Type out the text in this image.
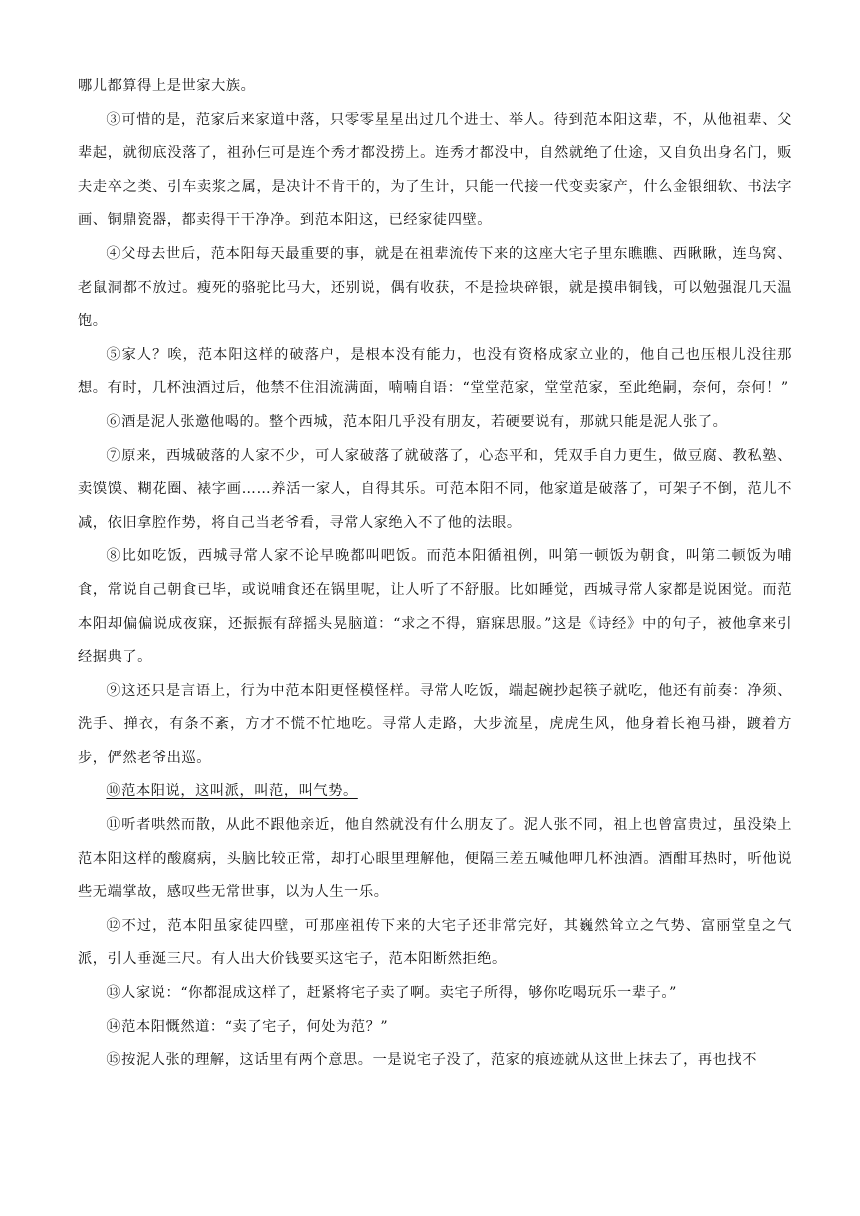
哪儿都算得上是世家大族。

③可惜的是，范家后来家道中落，只零零星星出过几个进士、举人。待到范本阳这辈，不，从他祖辈、父辈起，就彻底没落了，祖孙仨可是连个秀才都没捞上。连秀才都没中，自然就绝了仕途，又自负出身名门，贩夫走卒之类、引车卖浆之属，是决计不肯干的，为了生计，只能一代接一代变卖家产，什么金银细软、书法字画、铜鼎瓷器，都卖得干干净净。到范本阳这，已经家徒四壁。

④父母去世后，范本阳每天最重要的事，就是在祖辈流传下来的这座大宅子里东瞧瞧、西瞅瞅，连鸟窝、老鼠洞都不放过。瘦死的骆驼比马大，还别说，偶有收获，不是捡块碎银，就是摸串铜钱，可以勉强混几天温饱。

⑤家人？唉，范本阳这样的破落户，是根本没有能力，也没有资格成家立业的，他自己也压根儿没往那想。有时，几杯浊酒过后，他禁不住泪流满面，喃喃自语：“堂堂范家，堂堂范家，至此绝嗣，奈何，奈何！”

⑥酒是泥人张邀他喝的。整个西城，范本阳几乎没有朋友，若硬要说有，那就只能是泥人张了。

⑦原来，西城破落的人家不少，可人家破落了就破落了，心态平和，凭双手自力更生，做豆腐、教私塾、卖馍馍、糊花圈、裱字画……养活一家人，自得其乐。可范本阳不同，他家道是破落了，可架子不倒，范儿不减，依旧拿腔作势，将自己当老爷看，寻常人家绝入不了他的法眼。

⑧比如吃饭，西城寻常人家不论早晚都叫吧饭。而范本阳循祖例，叫第一顿饭为朝食，叫第二顿饭为哺食，常说自己朝食已毕，或说哺食还在锅里呢，让人听了不舒服。比如睡觉，西城寻常人家都是说困觉。而范本阳却偏偏说成夜寐，还振振有辞摇头晃脑道：“求之不得，寤寐思服。”这是《诗经》中的句子，被他拿来引经据典了。

⑨这还只是言语上，行为中范本阳更怪模怪样。寻常人吃饭，端起碗抄起筷子就吃，他还有前奏：净须、洗手、掸衣，有条不紊，方才不慌不忙地吃。寻常人走路，大步流星，虎虎生风，他身着长袍马褂，踱着方步，俨然老爷出巡。

⑩范本阳说，这叫派，叫范，叫气势。

⑪听者哄然而散，从此不跟他亲近，他自然就没有什么朋友了。泥人张不同，祖上也曾富贵过，虽没染上范本阳这样的酸腐病，头脑比较正常，却打心眼里理解他，便隔三差五喊他呷几杯浊酒。酒酣耳热时，听他说些无端掌故，感叹些无常世事，以为人生一乐。

⑫不过，范本阳虽家徒四壁，可那座祖传下来的大宅子还非常完好，其巍然耸立之气势、富丽堂皇之气派，引人垂涎三尺。有人出大价钱要买这宅子，范本阳断然拒绝。

⑬人家说：“你都混成这样了，赶紧将宅子卖了啊。卖宅子所得，够你吃喝玩乐一辈子。”

⑭范本阳慨然道：“卖了宅子，何处为范？”

⑮按泥人张的理解，这话里有两个意思。一是说宅子没了，范家的痕迹就从这世上抹去了，再也找不
